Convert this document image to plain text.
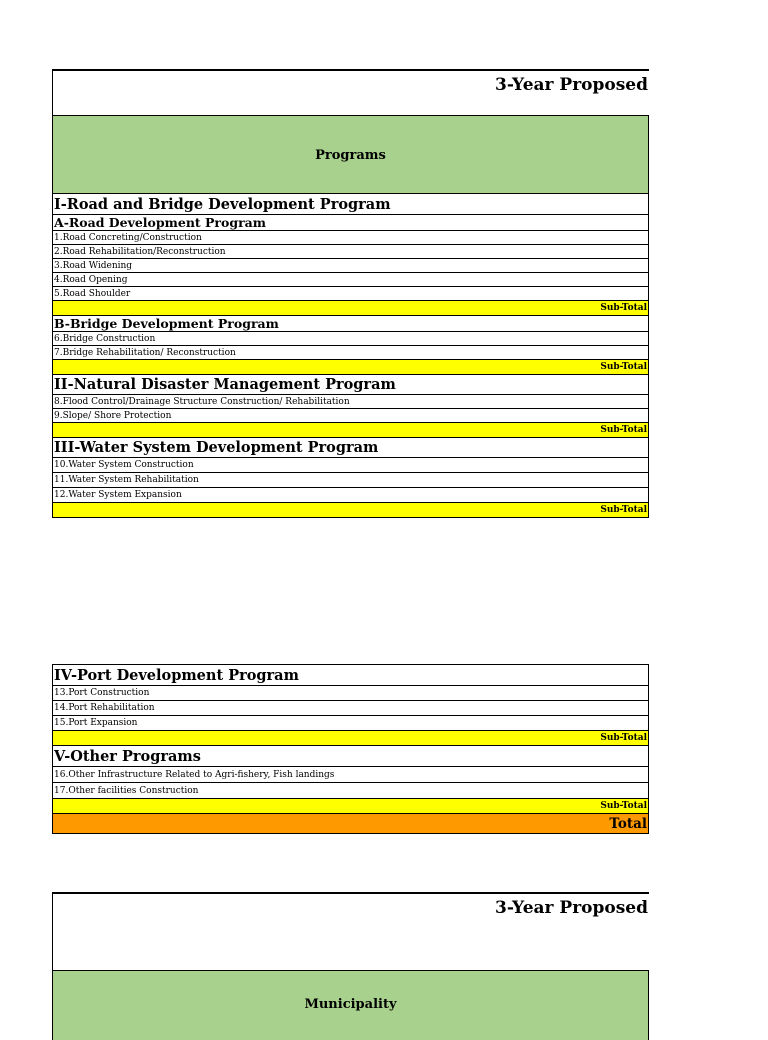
3-Year Proposed
Programs
I-Road and Bridge Development Program
A-Road Development Program
1.Road Concreting/Construction
2.Road Rehabilitation/Reconstruction
3.Road Widening
4.Road Opening
5.Road Shoulder
Sub-Total
B-Bridge Development Program
6.Bridge Construction
7.Bridge Rehabilitation/ Reconstruction
Sub-Total
II-Natural Disaster Management Program
8.Flood Control/Drainage Structure Construction/ Rehabilitation
9.Slope/ Shore Protection
Sub-Total
III-Water System Development Program
10.Water System Construction
11.Water System Rehabilitation
12.Water System Expansion
Sub-Total
IV-Port Development Program
13.Port Construction
14.Port Rehabilitation
15.Port Expansion
Sub-Total
V-Other Programs
16.Other Infrastructure Related to Agri-fishery, Fish landings
17.Other facilities Construction
Sub-Total
Total
3-Year Proposed
Municipality
